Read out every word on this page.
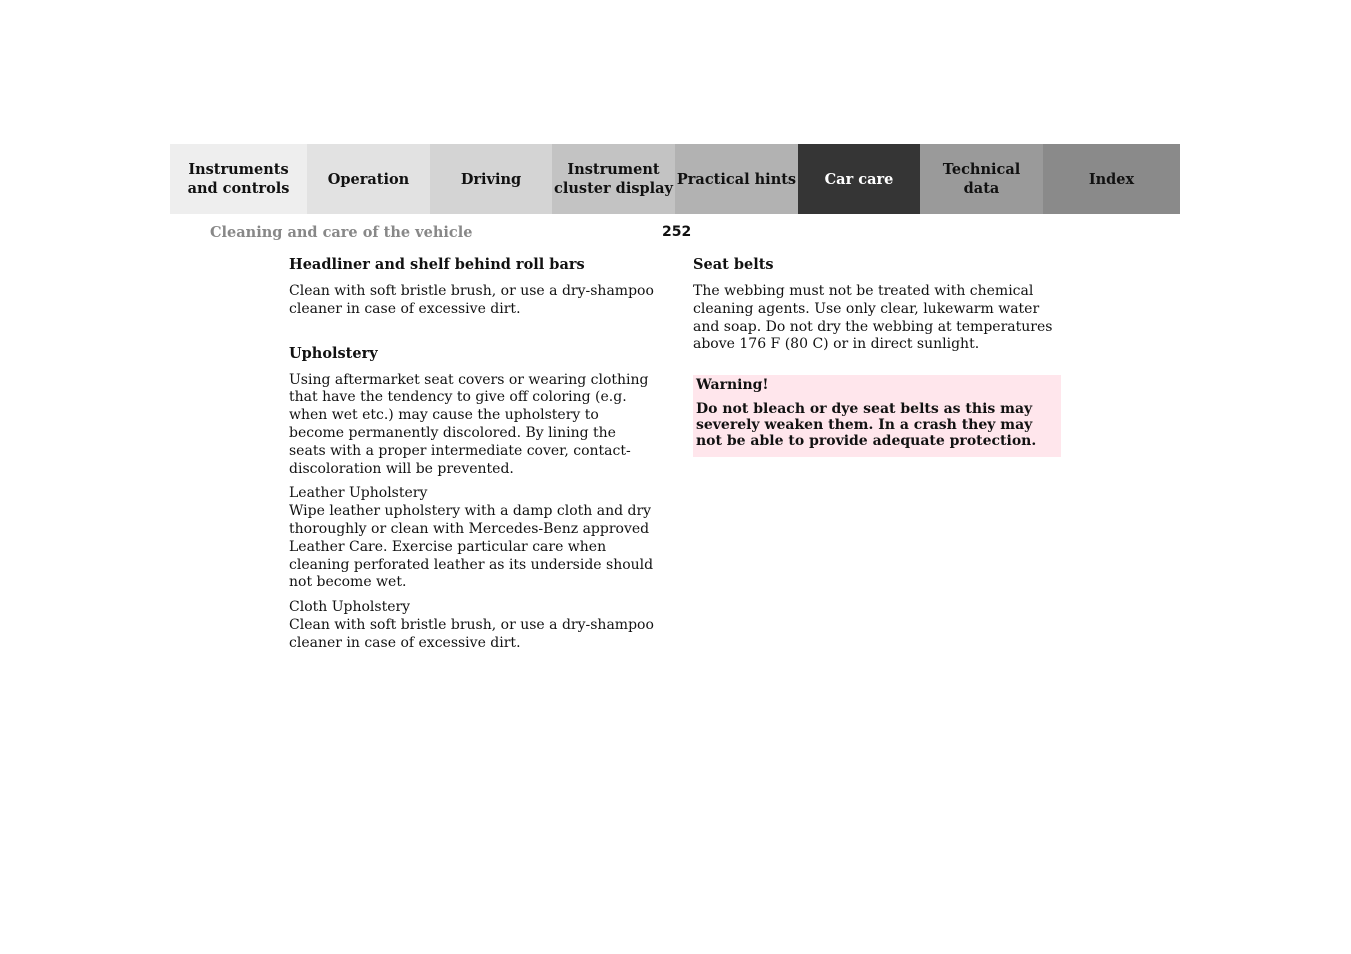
Instruments
and controls
Operation	Driving
Instrument
cluster display
Practical hints	Car care
Technical
data
Index
Cleaning and care of the vehicle	252
Headliner and shelf behind roll bars

Clean with soft bristle brush, or use a dry-shampoo cleaner in case of excessive dirt.

Upholstery

Using aftermarket seat covers or wearing clothing that have the tendency to give off coloring (e.g. when wet etc.) may cause the upholstery to become permanently discolored. By lining the seats with a proper intermediate cover, contact-discoloration will be prevented.

Leather Upholstery
Wipe leather upholstery with a damp cloth and dry thoroughly or clean with Mercedes-Benz approved Leather Care. Exercise particular care when cleaning perforated leather as its underside should not become wet.
Cloth Upholstery
Clean with soft bristle brush, or use a dry-shampoo cleaner in case of excessive dirt.
Seat belts

The webbing must not be treated with chemical cleaning agents. Use only clear, lukewarm water and soap. Do not dry the webbing at temperatures above 176 F (80 C) or in direct sunlight.

Warning!
Do not bleach or dye seat belts as this may severely weaken them. In a crash they may not be able to provide adequate protection.
